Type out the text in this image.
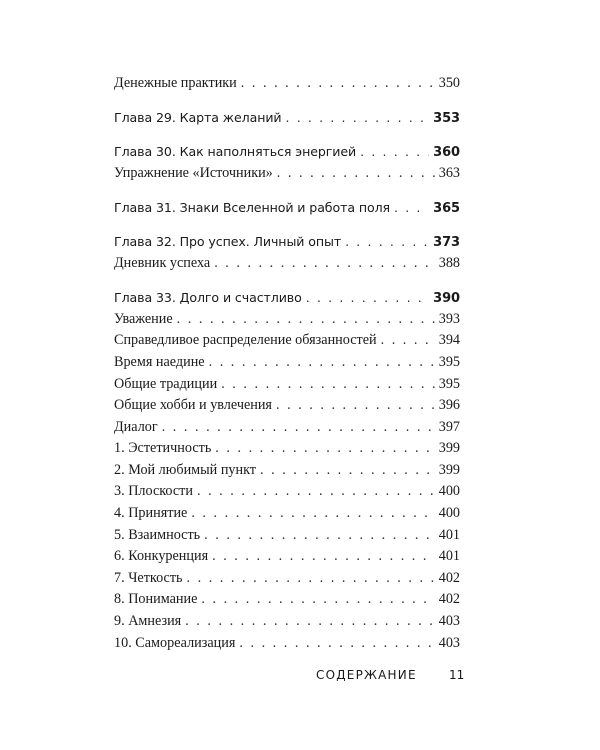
Денежные практики . . .	350
Глава 29. Карта желаний . . .	353
Глава 30. Как наполняться энергией . . .	360
Упражнение «Источники» . . .	363
Глава 31. Знаки Вселенной и работа поля . . .	365
Глава 32. Про успех. Личный опыт . . .	373
Дневник успеха . . .	388
Глава 33. Долго и счастливо . . .	390
Уважение . . .	393
Справедливое распределение обязанностей . . .	394
Время наедине . . .	395
Общие традиции . . .	395
Общие хобби и увлечения . . .	396
Диалог . . .	397
1. Эстетичность . . .	399
2. Мой любимый пункт . . .	399
3. Плоскости . . .	400
4. Принятие . . .	400
5. Взаимность . . .	401
6. Конкуренция . . .	401
7. Четкость . . .	402
8. Понимание . . .	402
9. Амнезия . . .	403
10. Самореализация . . .	403
СОДЕРЖАНИЕ	11
